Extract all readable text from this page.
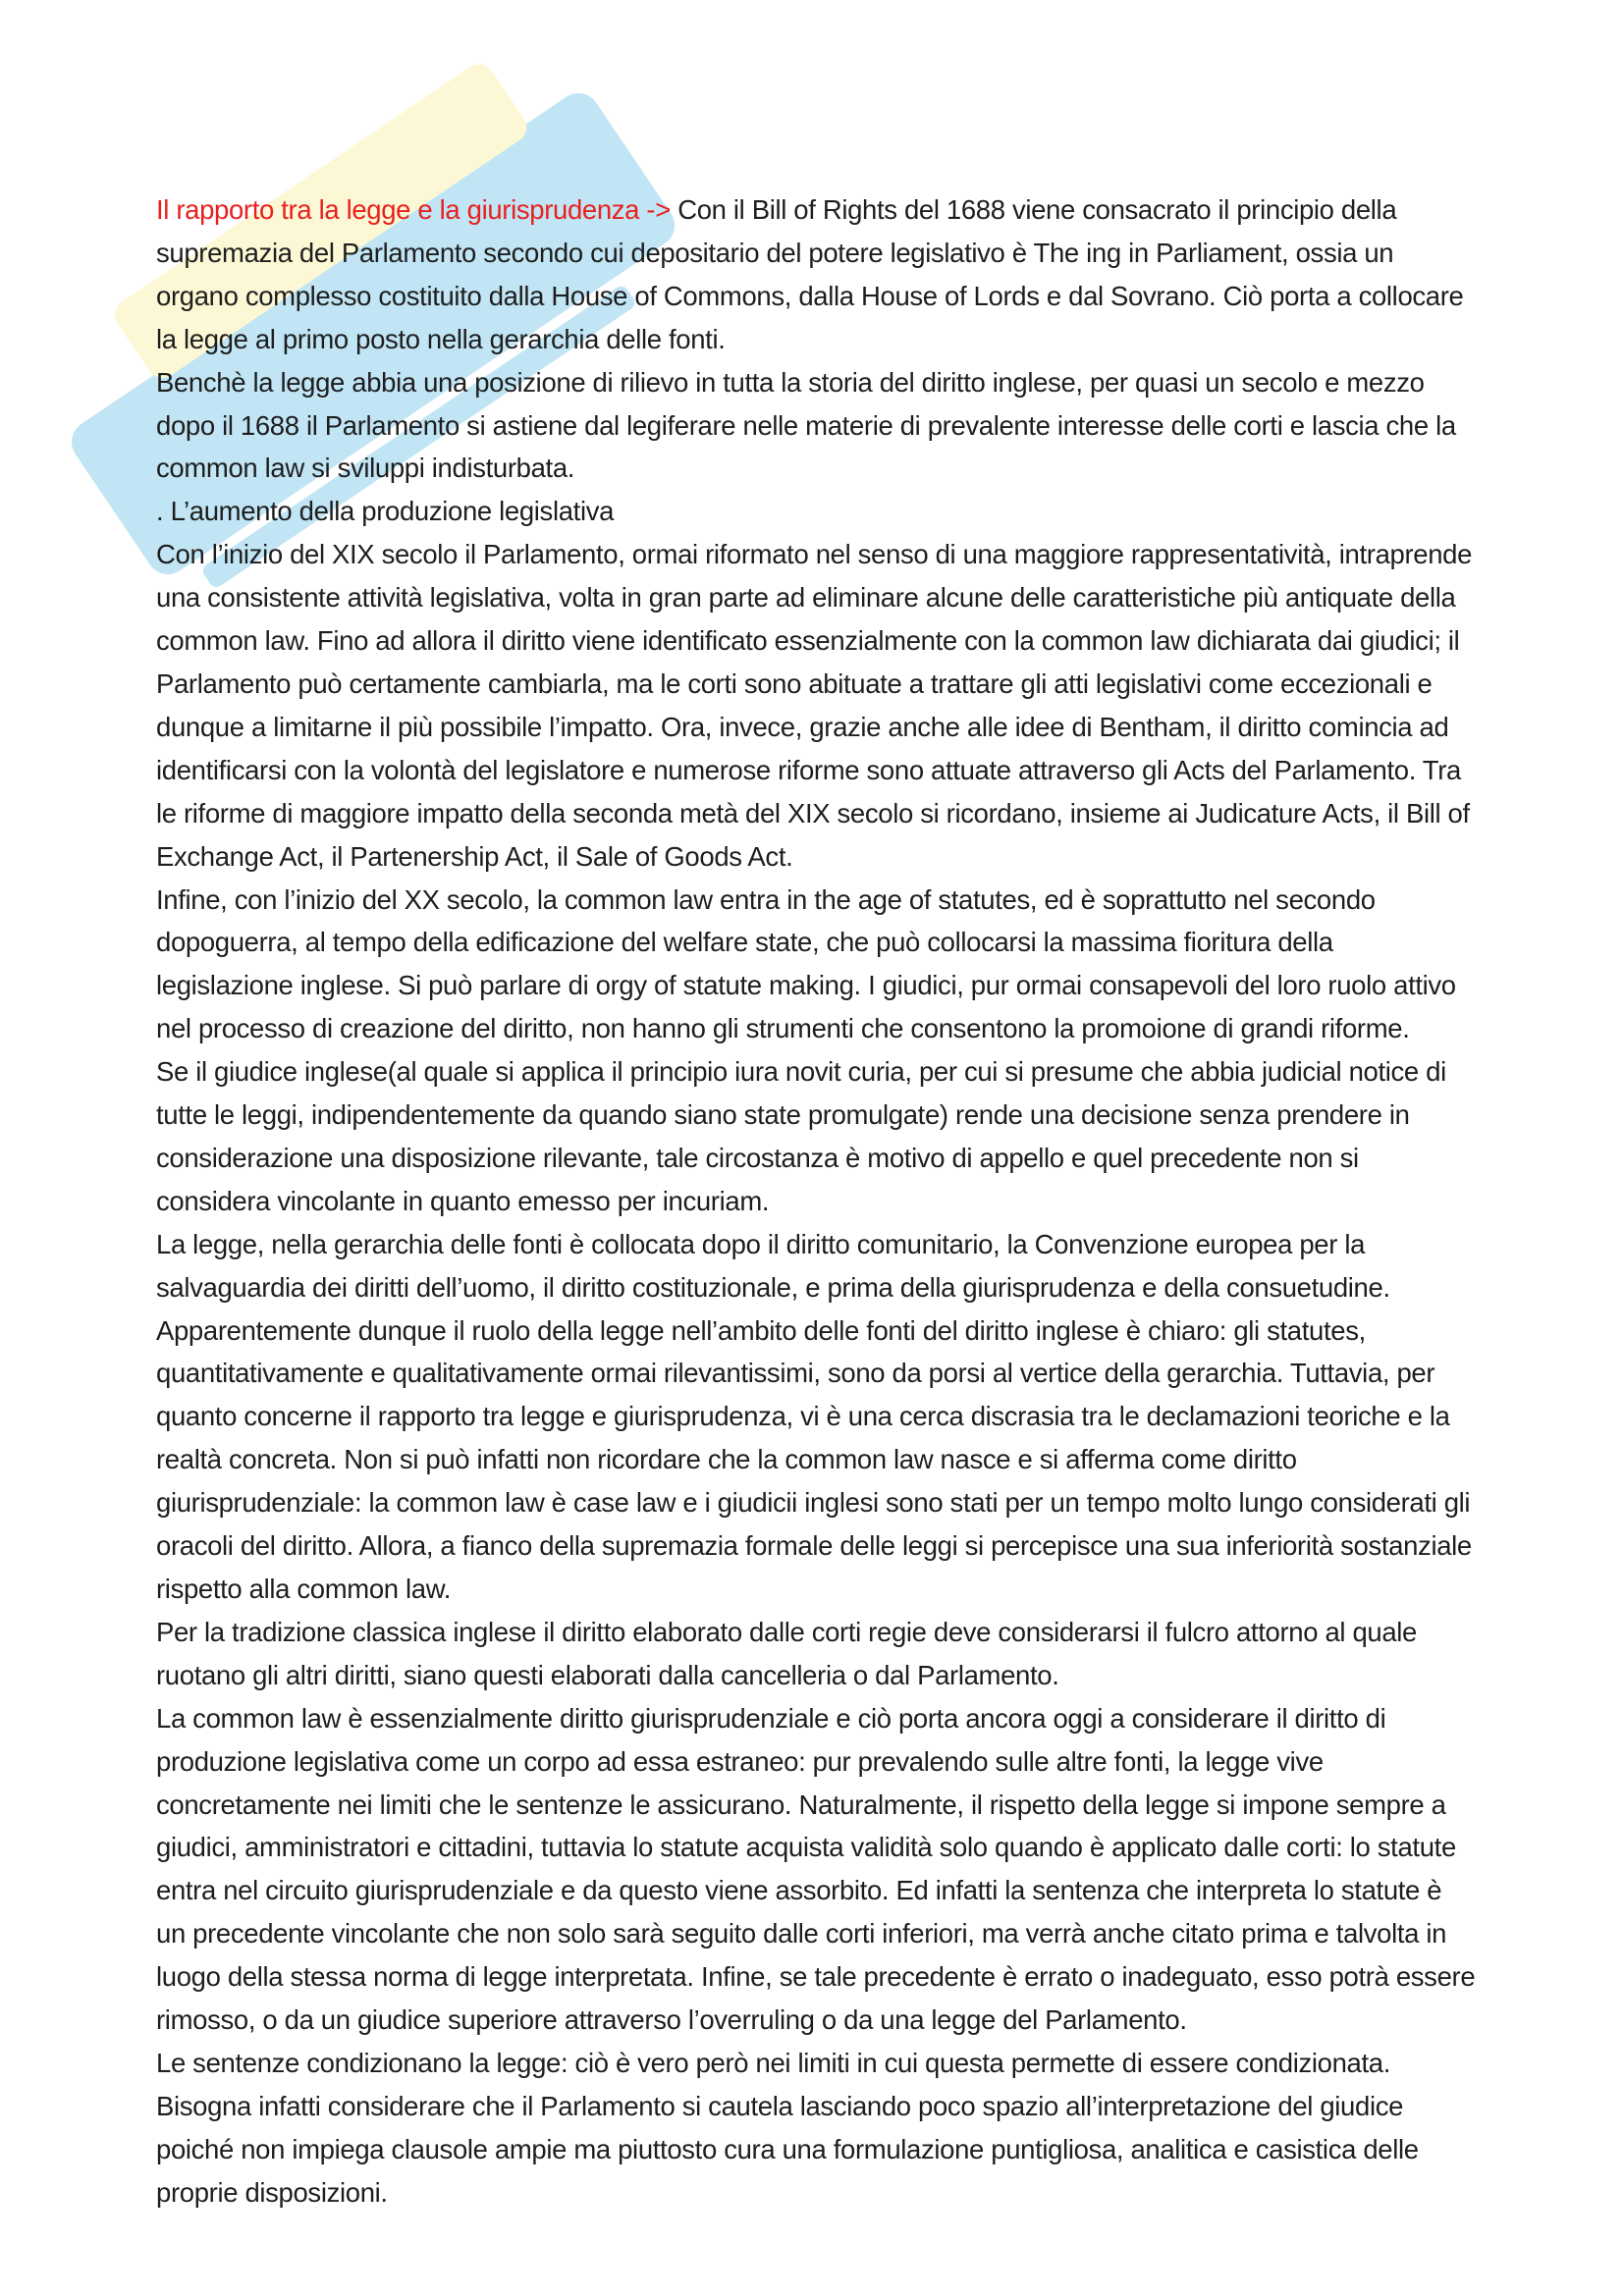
Il rapporto tra la legge e la giurisprudenza -> Con il Bill of Rights del 1688 viene consacrato il principio della supremazia del Parlamento secondo cui depositario del potere legislativo è The ing in Parliament, ossia un organo complesso costituito dalla House of Commons, dalla House of Lords e dal Sovrano. Ciò porta a collocare la legge al primo posto nella gerarchia delle fonti.

Benchè la legge abbia una posizione di rilievo in tutta la storia del diritto inglese, per quasi un secolo e mezzo dopo il 1688 il Parlamento si astiene dal legiferare nelle materie di prevalente interesse delle corti e lascia che la common law si sviluppi indisturbata.

. L’aumento della produzione legislativa

Con l’inizio del XIX secolo il Parlamento, ormai riformato nel senso di una maggiore rappresentatività, intraprende una consistente attività legislativa, volta in gran parte ad eliminare alcune delle caratteristiche più antiquate della common law. Fino ad allora il diritto viene identificato essenzialmente con la common law dichiarata dai giudici; il Parlamento può certamente cambiarla, ma le corti sono abituate a trattare gli atti legislativi come eccezionali e dunque a limitarne il più possibile l’impatto. Ora, invece, grazie anche alle idee di Bentham, il diritto comincia ad identificarsi con la volontà del legislatore e numerose riforme sono attuate attraverso gli Acts del Parlamento. Tra le riforme di maggiore impatto della seconda metà del XIX secolo si ricordano, insieme ai Judicature Acts, il Bill of Exchange Act, il Partenership Act, il Sale of Goods Act.

Infine, con l’inizio del XX secolo, la common law entra in the age of statutes, ed è soprattutto nel secondo dopoguerra, al tempo della edificazione del welfare state, che può collocarsi la massima fioritura della legislazione inglese. Si può parlare di orgy of statute making. I giudici, pur ormai consapevoli del loro ruolo attivo nel processo di creazione del diritto, non hanno gli strumenti che consentono la promoione di grandi riforme.

Se il giudice inglese(al quale si applica il principio iura novit curia, per cui si presume che abbia judicial notice di tutte le leggi, indipendentemente da quando siano state promulgate) rende una decisione senza prendere in considerazione una disposizione rilevante, tale circostanza è motivo di appello e quel precedente non si considera vincolante in quanto emesso per incuriam.

La legge, nella gerarchia delle fonti è collocata dopo il diritto comunitario, la Convenzione europea per la salvaguardia dei diritti dell’uomo, il diritto costituzionale, e prima della giurisprudenza e della consuetudine.

Apparentemente dunque il ruolo della legge nell’ambito delle fonti del diritto inglese è chiaro: gli statutes, quantitativamente e qualitativamente ormai rilevantissimi, sono da porsi al vertice della gerarchia. Tuttavia, per quanto concerne il rapporto tra legge e giurisprudenza, vi è una cerca discrasia tra le declamazioni teoriche e la realtà concreta. Non si può infatti non ricordare che la common law nasce e si afferma come diritto giurisprudenziale: la common law è case law e i giudicii inglesi sono stati per un tempo molto lungo considerati gli oracoli del diritto. Allora, a fianco della supremazia formale delle leggi si percepisce una sua inferiorità sostanziale rispetto alla common law.

Per la tradizione classica inglese il diritto elaborato dalle corti regie deve considerarsi il fulcro attorno al quale ruotano gli altri diritti, siano questi elaborati dalla cancelleria o dal Parlamento.

La common law è essenzialmente diritto giurisprudenziale e ciò porta ancora oggi a considerare il diritto di produzione legislativa come un corpo ad essa estraneo: pur prevalendo sulle altre fonti, la legge vive concretamente nei limiti che le sentenze le assicurano. Naturalmente, il rispetto della legge si impone sempre a giudici, amministratori e cittadini, tuttavia lo statute acquista validità solo quando è applicato dalle corti: lo statute entra nel circuito giurisprudenziale e da questo viene assorbito. Ed infatti la sentenza che interpreta lo statute è un precedente vincolante che non solo sarà seguito dalle corti inferiori, ma verrà anche citato prima e talvolta in luogo della stessa norma di legge interpretata. Infine, se tale precedente è errato o inadeguato, esso potrà essere rimosso, o da un giudice superiore attraverso l’overruling o da una legge del Parlamento.

Le sentenze condizionano la legge: ciò è vero però nei limiti in cui questa permette di essere condizionata. Bisogna infatti considerare che il Parlamento si cautela lasciando poco spazio all’interpretazione del giudice poiché non impiega clausole ampie ma piuttosto cura una formulazione puntigliosa, analitica e casistica delle proprie disposizioni.
